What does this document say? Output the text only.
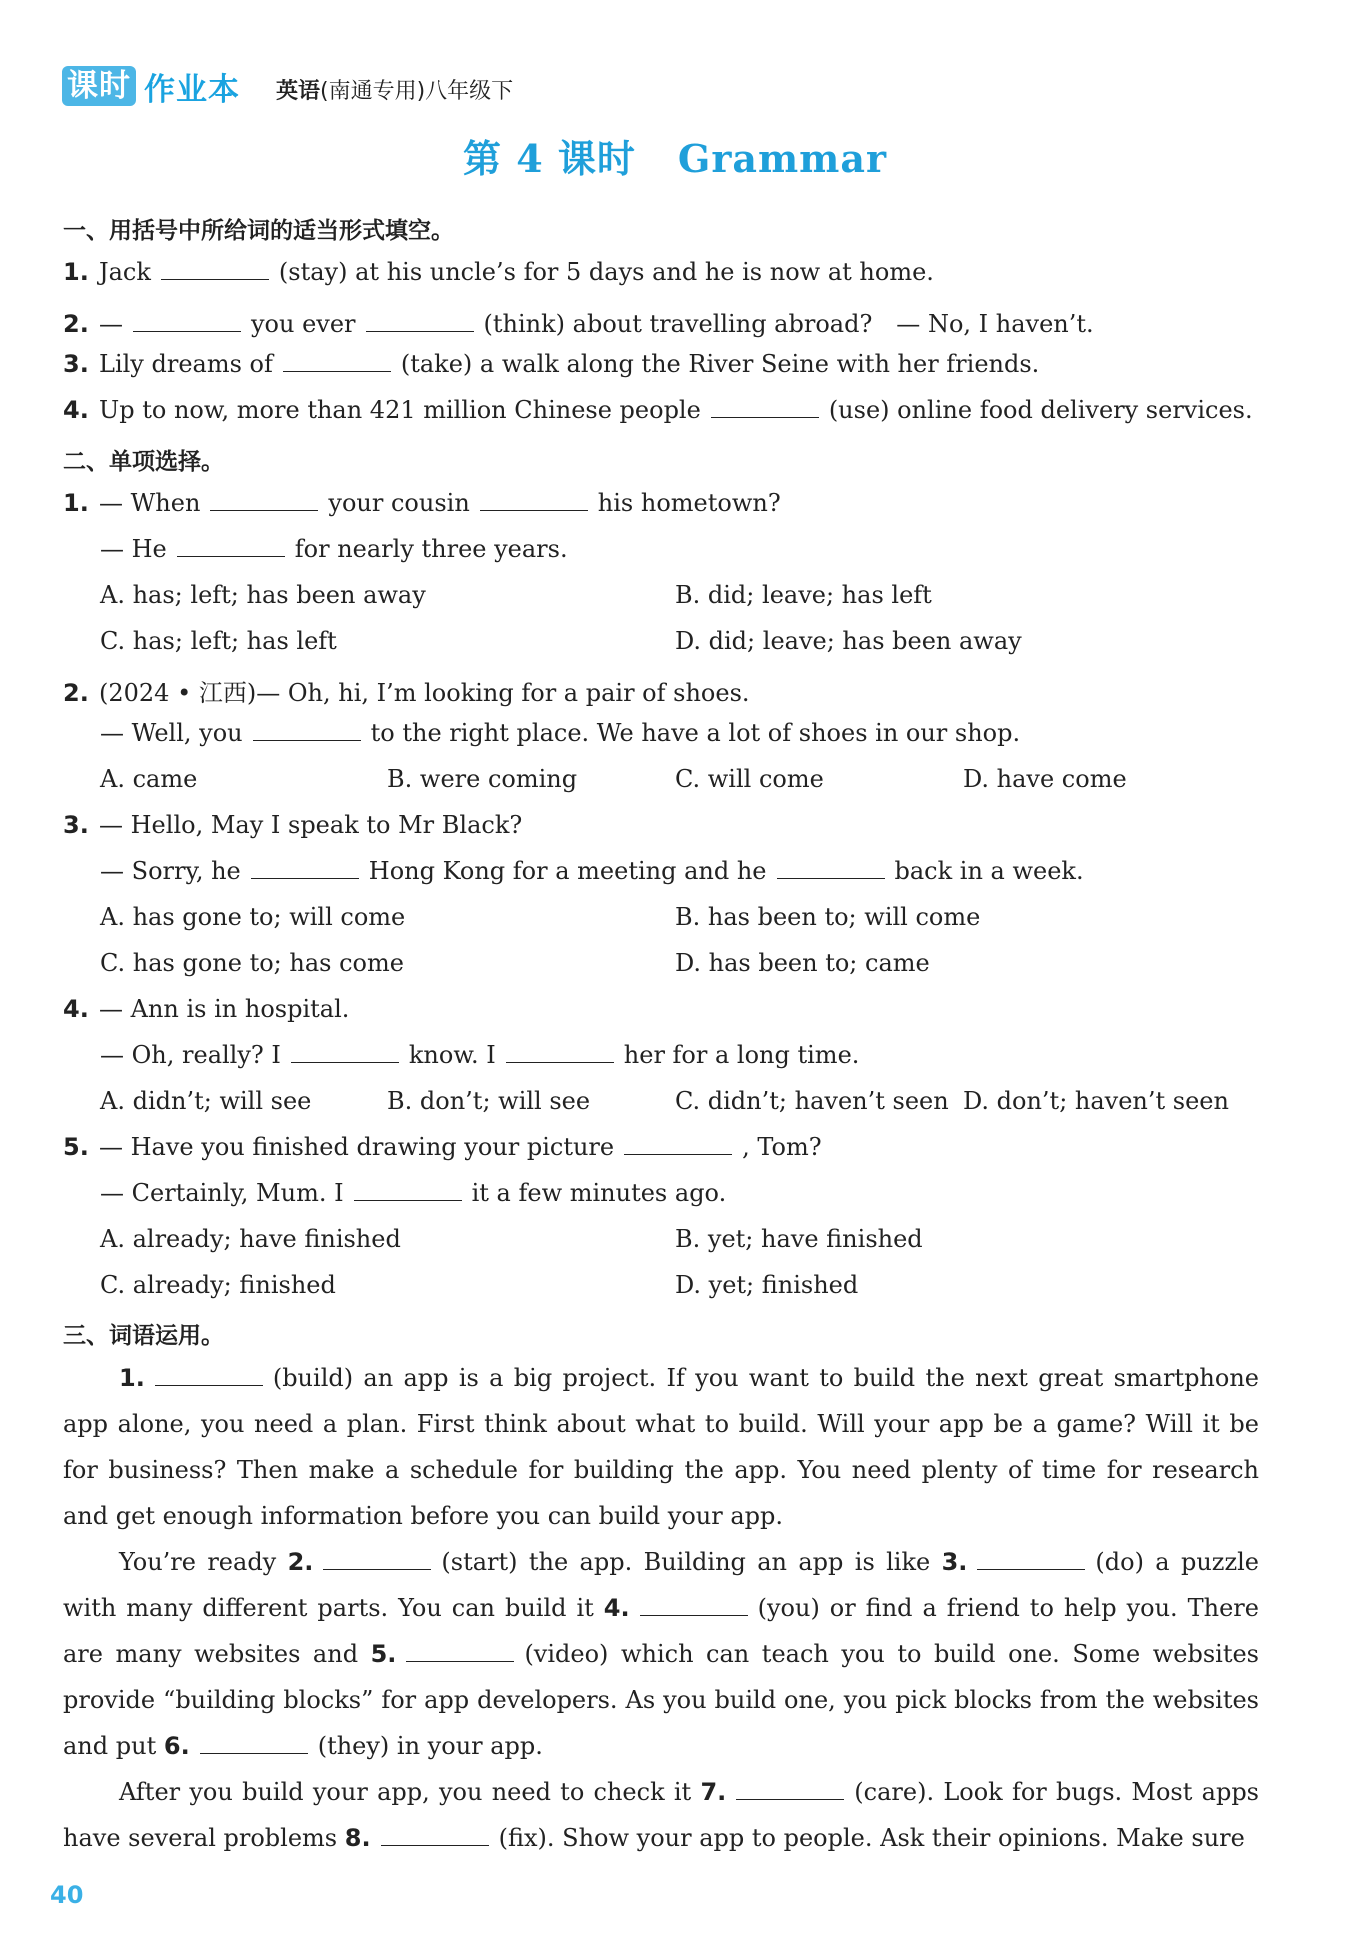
课时 作业本 英语(南通专用)八年级下
第 4 课时 Grammar
一、用括号中所给词的适当形式填空。
1. Jack	(stay) at his uncle’s for 5 days and he is now at home.
2. —	you ever	(think) about travelling abroad?　— No, I haven’t.
3. Lily dreams of	(take) a walk along the River Seine with her friends.
4. Up to now, more than 421 million Chinese people	(use) online food delivery services.
二、单项选择。
1. — When	your cousin	his hometown?
— He	for nearly three years.
A. has; left; has been away	B. did; leave; has left
C. has; left; has left	D. did; leave; has been away
2. (2024 • 江西)— Oh, hi, I’m looking for a pair of shoes.
— Well, you	to the right place. We have a lot of shoes in our shop.
A. came	B. were coming	C. will come	D. have come
3. — Hello, May I speak to Mr Black?
— Sorry, he	Hong Kong for a meeting and he	back in a week.
A. has gone to; will come	B. has been to; will come
C. has gone to; has come	D. has been to; came
4. — Ann is in hospital.
— Oh, really? I	know. I	her for a long time.
A. didn’t; will see	B. don’t; will see	C. didn’t; haven’t seen D. don’t; haven’t seen
5. — Have you finished drawing your picture	, Tom?
— Certainly, Mum. I	it a few minutes ago.
A. already; have finished	B. yet; have finished
C. already; finished	D. yet; finished
三、词语运用。
1.	(build) an app is a big project. If you want to build the next great smartphone app alone, you need a plan. First think about what to build. Will your app be a game? Will it be for business? Then make a schedule for building the app. You need plenty of time for research and get enough information before you can build your app.
You’re ready 2.	(start) the app. Building an app is like 3.	(do) a puzzle with many different parts. You can build it 4.	(you) or find a friend to help you. There are many websites and 5.	(video) which can teach you to build one. Some websites provide “building blocks” for app developers. As you build one, you pick blocks from the websites and put 6.	(they) in your app.
After you build your app, you need to check it 7.	(care). Look for bugs. Most apps have several problems 8.	(fix). Show your app to people. Ask their opinions. Make sure
40
